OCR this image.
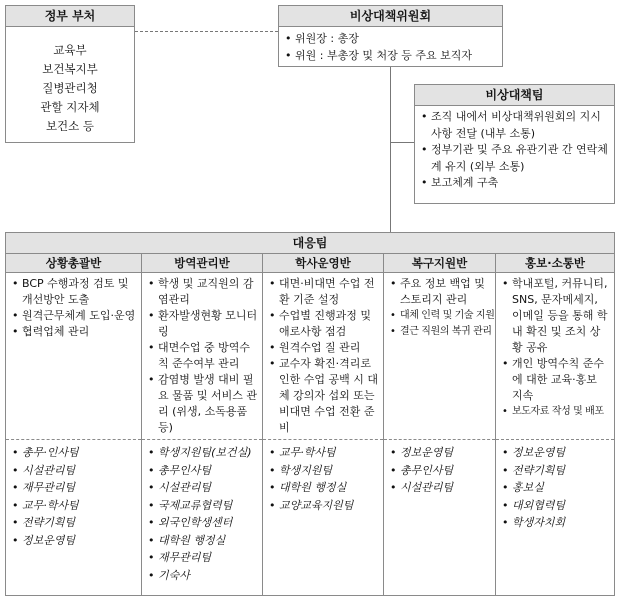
정부 부처
교육부
보건복지부
질병관리청
관할 지자체
보건소 등
비상대책위원회
• 위원장 : 총장
• 위원 : 부총장 및 처장 등 주요 보직자
비상대책팀
• 조직 내에서 비상대책위원회의 지시사항 전달 (내부 소통)
• 정부기관 및 주요 유관기관 간 연락체계 유지 (외부 소통)
• 보고체계 구축
대응팀
상황총괄반
• BCP 수행과정 검토 및 개선방안 도출
• 원격근무체계 도입·운영
• 협력업체 관리
• 총무·인사팀
• 시설관리팀
• 재무관리팀
• 교무·학사팀
• 전략기획팀
• 정보운영팀
방역관리반
• 학생 및 교직원의 감염관리
• 환자발생현황 모니터링
• 대면수업 중 방역수칙 준수여부 관리
• 감염병 발생 대비 필요 물품 및 서비스 관리 (위생, 소독용품 등)
• 학생지원팀(보건실)
• 총무인사팀
• 시설관리팀
• 국제교류협력팀
• 외국인학생센터
• 대학원 행정실
• 재무관리팀
• 기숙사
학사운영반
• 대면·비대면 수업 전환 기준 설정
• 수업별 진행과정 및 애로사항 점검
• 원격수업 질 관리
• 교수자 확진·격리로 인한 수업 공백 시 대체 강의자 섭외 또는 비대면 수업 전환 준비
• 교무·학사팀
• 학생지원팀
• 대학원 행정실
• 교양교육지원팀
복구지원반
• 주요 정보 백업 및 스토리지 관리
• 대체 인력 및 기술 지원
• 결근 직원의 복귀 관리
• 정보운영팀
• 총무인사팀
• 시설관리팀
홍보·소통반
• 학내포털, 커뮤니티, SNS, 문자메세지, 이메일 등을 통해 학내 확진 및 조치 상황 공유
• 개인 방역수칙 준수에 대한 교육·홍보 지속
• 보도자료 작성 및 배포
• 정보운영팀
• 전략기획팀
• 홍보실
• 대외협력팀
• 학생자치회
